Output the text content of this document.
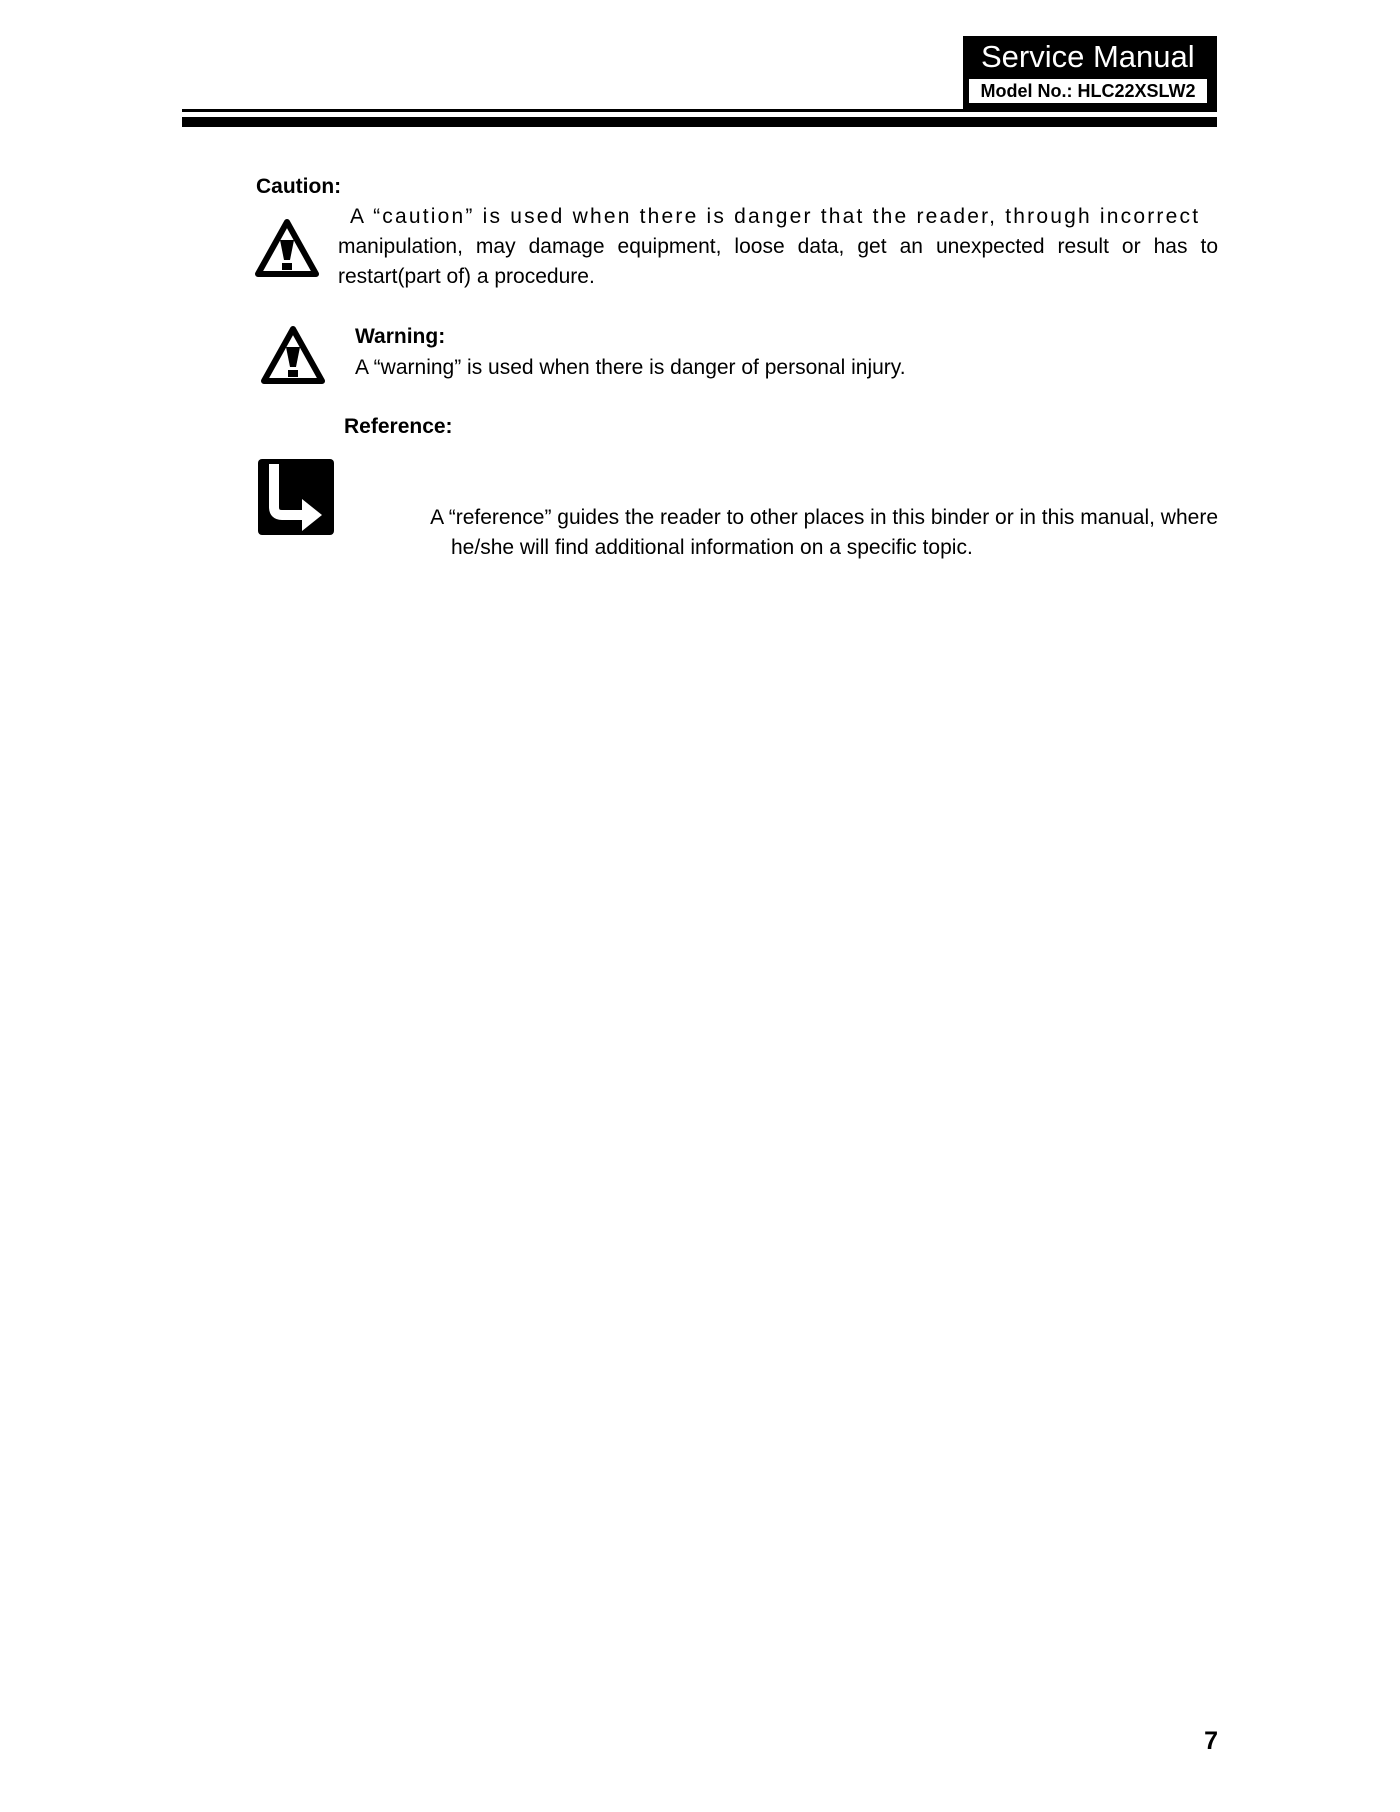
Service Manual
Model No.: HLC22XSLW2
Caution:
A “caution” is used when there is danger that the reader, through incorrect
manipulation, may damage equipment, loose data, get an unexpected result or has to restart(part of) a procedure.
Warning:
A “warning” is used when there is danger of personal injury.
Reference:
A “reference” guides the reader to other places in this binder or in this manual, where
he/she will find additional information on a specific topic.
7
